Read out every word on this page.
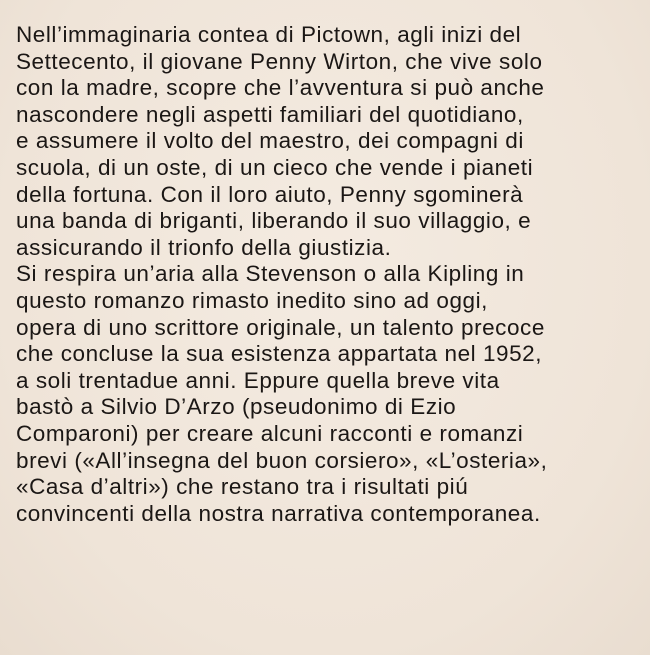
Nell’immaginaria contea di Pictown, agli inizi del
Settecento, il giovane Penny Wirton, che vive solo
con la madre, scopre che l’avventura si può anche
nascondere negli aspetti familiari del quotidiano,
e assumere il volto del maestro, dei compagni di
scuola, di un oste, di un cieco che vende i pianeti
della fortuna. Con il loro aiuto, Penny sgominerà
una banda di briganti, liberando il suo villaggio, e
assicurando il trionfo della giustizia.
Si respira un’aria alla Stevenson o alla Kipling in
questo romanzo rimasto inedito sino ad oggi,
opera di uno scrittore originale, un talento precoce
che concluse la sua esistenza appartata nel 1952,
a soli trentadue anni. Eppure quella breve vita
bastò a Silvio D’Arzo (pseudonimo di Ezio
Comparoni) per creare alcuni racconti e romanzi
brevi («All’insegna del buon corsiero», «L’osteria»,
«Casa d’altri») che restano tra i risultati piú
convincenti della nostra narrativa contemporanea.
